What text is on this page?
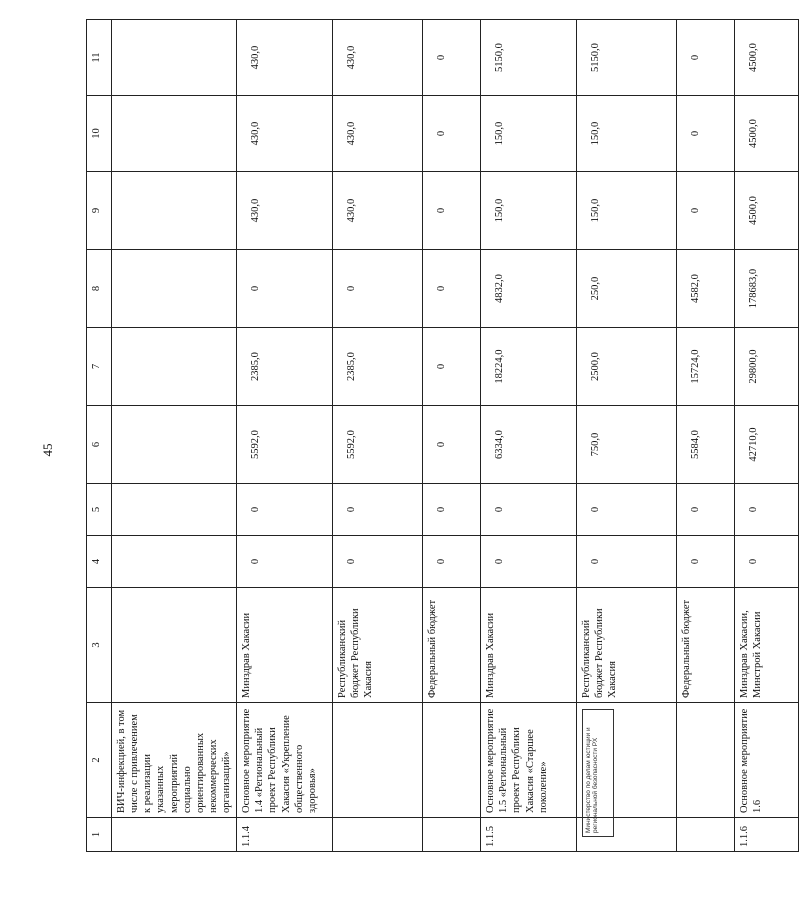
45
1	2	3	4	5	6	7	8	9	10	11
	ВИЧ-инфекцией, в том числе с привлечением к реализации указанных мероприятий социально ориентированных некоммерческих организаций»									
1.1.4	Основное мероприятие 1.4 «Региональный проект Республики Хакасия «Укрепление общественного здоровья»	Минздрав Хакасии	0	0	5592,0	2385,0	0	430,0	430,0	430,0
		Республиканский бюджет Республики Хакасия	0	0	5592,0	2385,0	0	430,0	430,0	430,0
		Федеральный бюджет	0	0	0	0	0	0	0	0
1.1.5	Основное мероприятие 1.5 «Региональный проект Республики Хакасия «Старшее поколение»	Минздрав Хакасии	0	0	6334,0	18224,0	4832,0	150,0	150,0	5150,0
		Республиканский бюджет Республики Хакасия	0	0	750,0	2500,0	250,0	150,0	150,0	5150,0
		Федеральный бюджет	0	0	5584,0	15724,0	4582,0	0	0	0
1.1.6	Основное мероприятие 1.6	Минздрав Хакасии, Минстрой Хакасии	0	0	42710,0	29800,0	178683,0	4500,0	4500,0	4500,0
Министерство по делам юстиции и региональной безопасности РХ
